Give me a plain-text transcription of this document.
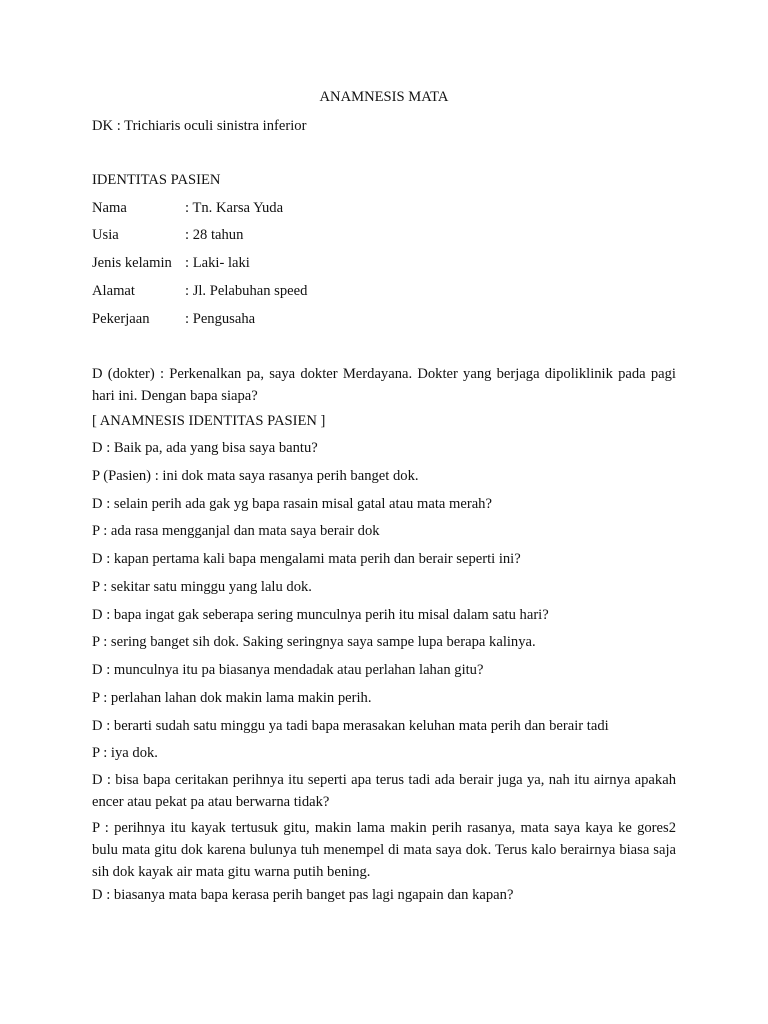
ANAMNESIS MATA
DK : Trichiaris oculi sinistra inferior
IDENTITAS PASIEN
Nama	: Tn. Karsa Yuda
Usia	: 28 tahun
Jenis kelamin : Laki- laki
Alamat	: Jl. Pelabuhan speed
Pekerjaan : Pengusaha
D (dokter) : Perkenalkan pa, saya dokter Merdayana. Dokter yang berjaga dipoliklinik pada pagi hari ini. Dengan bapa siapa?
[ ANAMNESIS IDENTITAS PASIEN ]
D : Baik pa, ada yang bisa saya bantu?
P (Pasien) : ini dok mata saya rasanya perih banget dok.
D : selain perih ada gak yg bapa rasain misal gatal atau mata merah?
P : ada rasa mengganjal dan mata saya berair dok
D : kapan pertama kali bapa mengalami mata perih dan berair seperti ini?
P : sekitar satu minggu yang lalu dok.
D : bapa ingat gak seberapa sering munculnya perih itu misal dalam satu hari?
P : sering banget sih dok. Saking seringnya saya sampe lupa berapa kalinya.
D : munculnya itu pa biasanya mendadak atau perlahan lahan gitu?
P : perlahan lahan dok makin lama makin perih.
D : berarti sudah satu minggu ya tadi bapa merasakan keluhan mata perih dan berair tadi
P : iya dok.
D : bisa bapa ceritakan perihnya itu seperti apa terus tadi ada berair juga ya, nah itu airnya apakah encer atau pekat pa atau berwarna tidak?
P : perihnya itu kayak tertusuk gitu, makin lama makin perih rasanya, mata saya kaya ke gores2 bulu mata gitu dok karena bulunya tuh menempel di mata saya dok. Terus kalo berairnya biasa saja sih dok kayak air mata gitu warna putih bening.
D : biasanya mata bapa kerasa perih banget pas lagi ngapain dan kapan?
